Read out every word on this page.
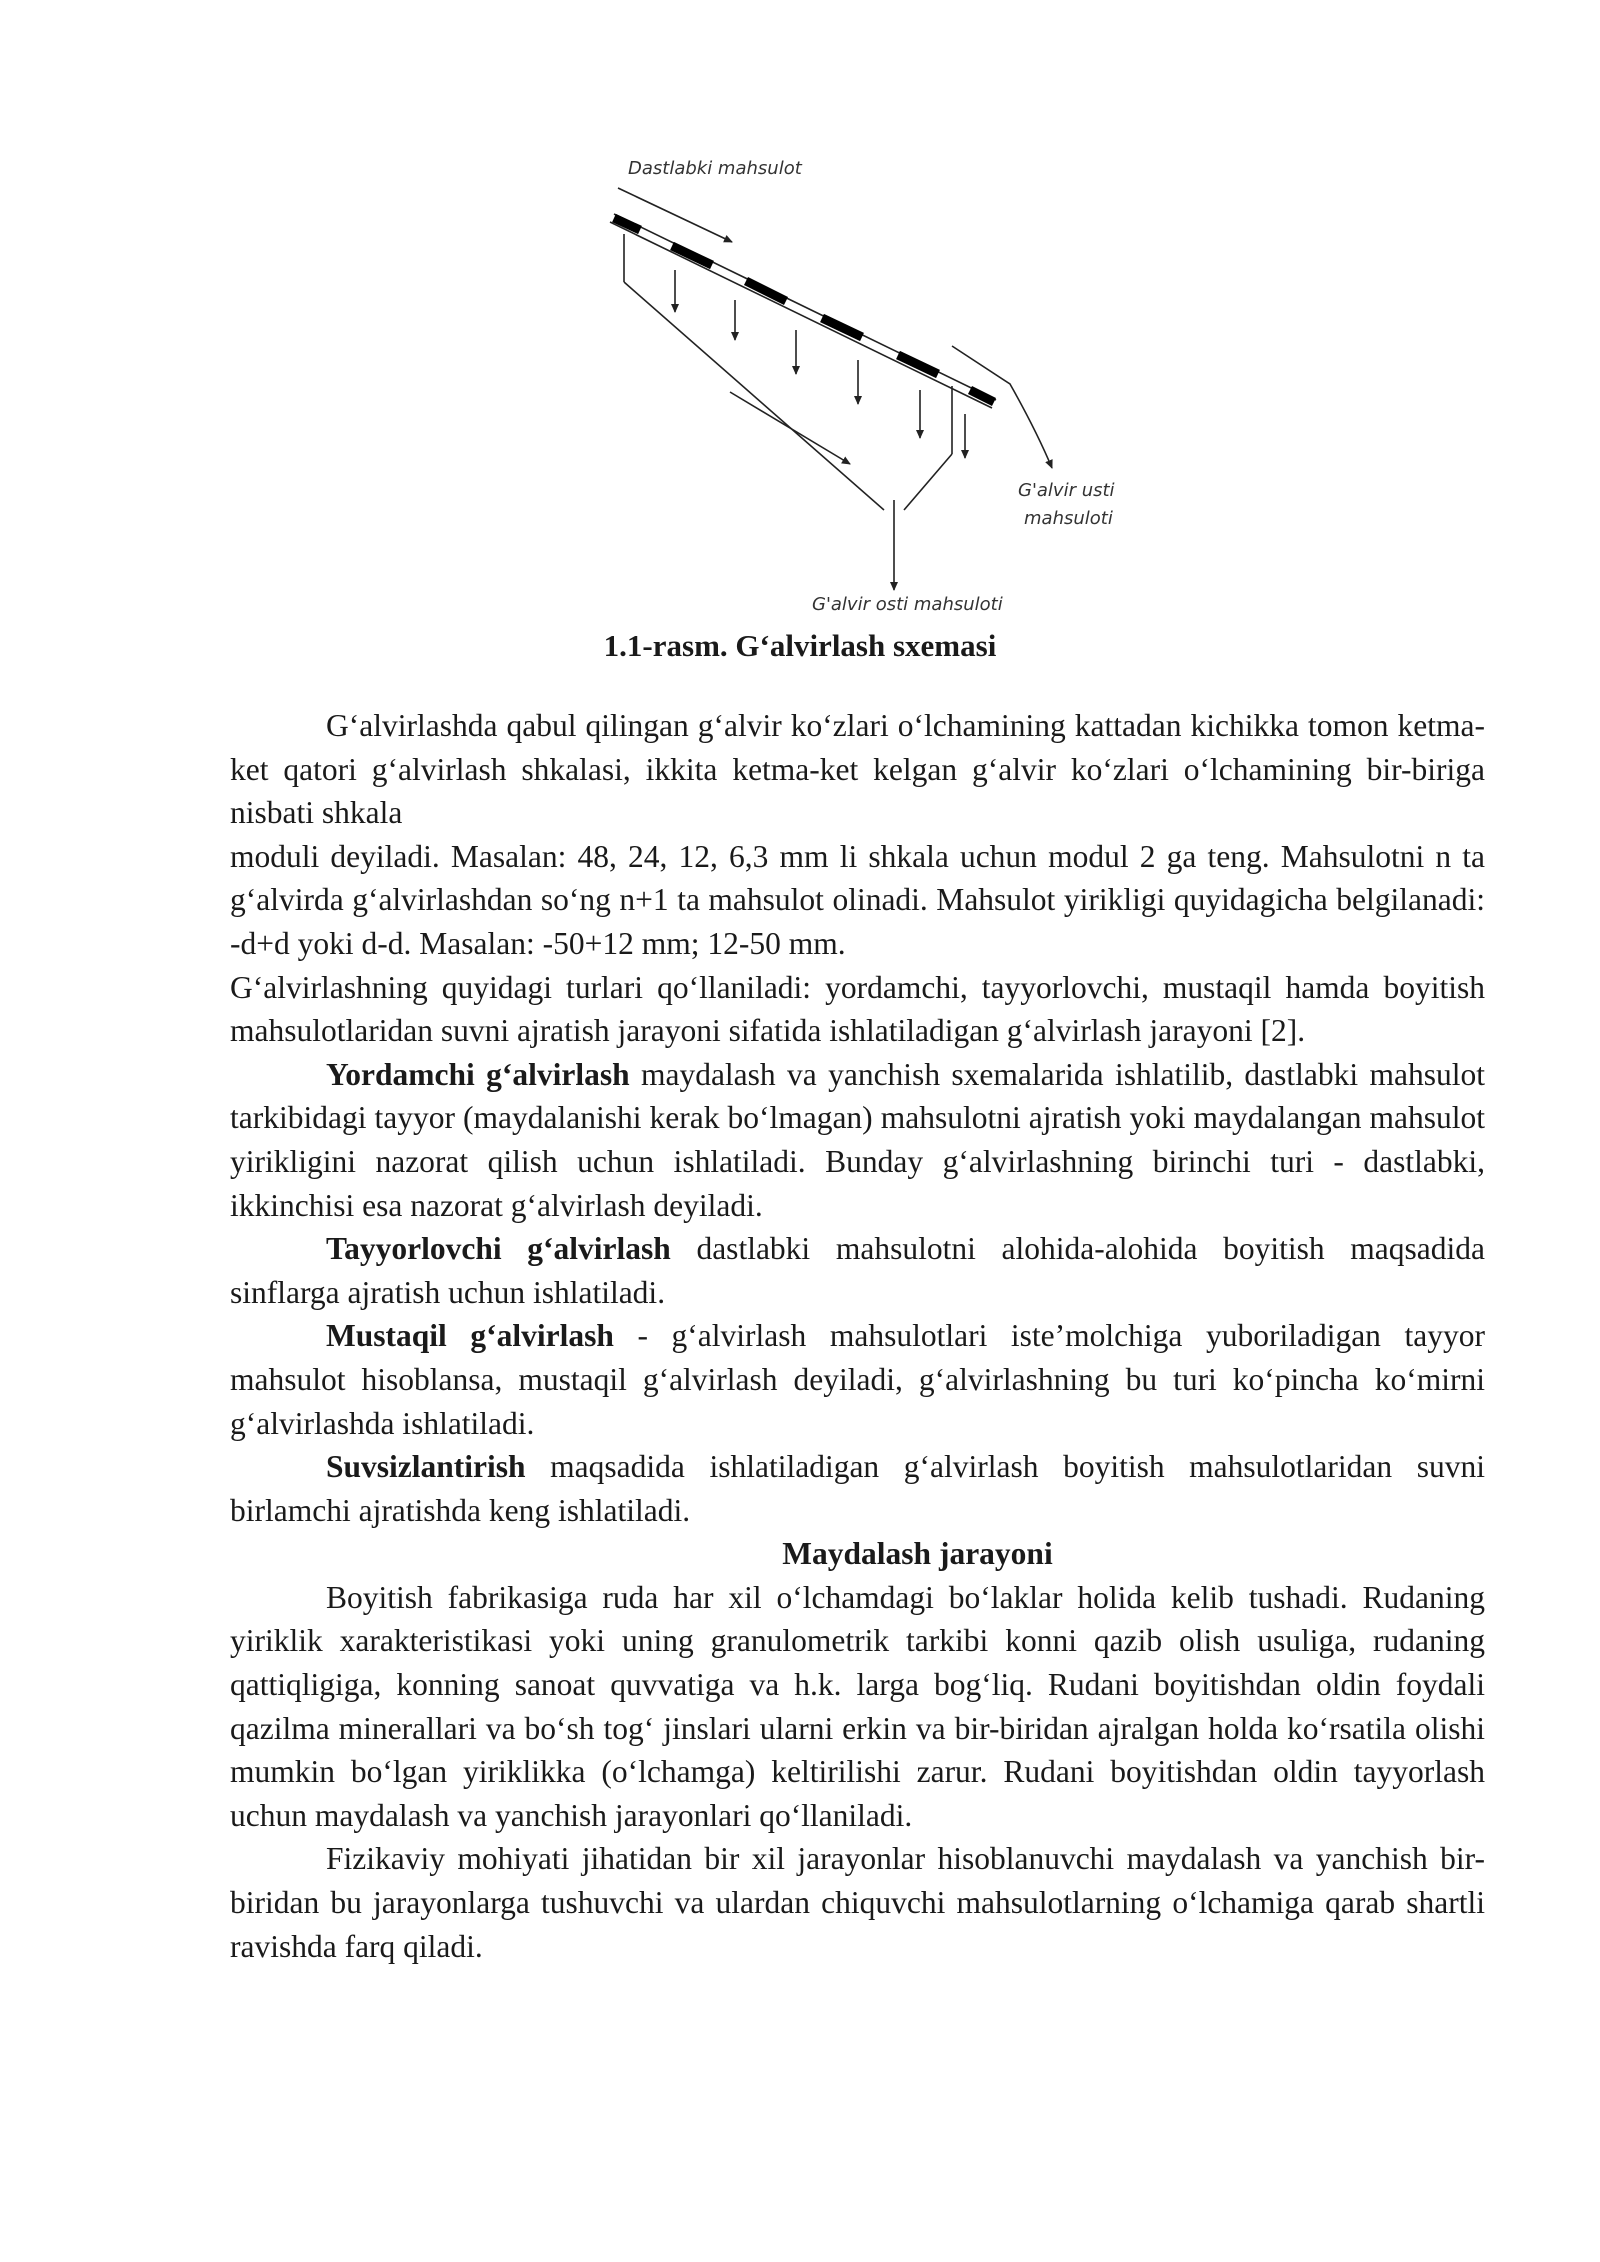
Dastlabki mahsulot
G'alvir usti
mahsuloti
G'alvir osti mahsuloti
1.1-rasm. G‘alvirlash sxemasi

G‘alvirlashda qabul qilingan g‘alvir ko‘zlari o‘lchamining kattadan kichikka tomon ketma-ket qatori g‘alvirlash shkalasi, ikkita ketma-ket kelgan g‘alvir ko‘zlari o‘lchamining bir-biriga nisbati shkala

moduli deyiladi. Masalan: 48, 24, 12, 6,3 mm li shkala uchun modul 2 ga teng. Mahsulotni n ta g‘alvirda g‘alvirlashdan so‘ng n+1 ta mahsulot olinadi. Mahsulot yirikligi quyidagicha belgilanadi: -d+d yoki d-d. Masalan: -50+12 mm; 12-50 mm.

G‘alvirlashning quyidagi turlari qo‘llaniladi: yordamchi, tayyorlovchi, mustaqil hamda boyitish mahsulotlaridan suvni ajratish jarayoni sifatida ishlatiladigan g‘alvirlash jarayoni [2].

Yordamchi g‘alvirlash maydalash va yanchish sxemalarida ishlatilib, dastlabki mahsulot tarkibidagi tayyor (maydalanishi kerak bo‘lmagan) mahsulotni ajratish yoki maydalangan mahsulot yirikligini nazorat qilish uchun ishlatiladi. Bunday g‘alvirlashning birinchi turi - dastlabki, ikkinchisi esa nazorat g‘alvirlash deyiladi.

Tayyorlovchi g‘alvirlash dastlabki mahsulotni alohida-alohida boyitish maqsadida sinflarga ajratish uchun ishlatiladi.

Mustaqil g‘alvirlash - g‘alvirlash mahsulotlari iste’molchiga yuboriladigan tayyor mahsulot hisoblansa, mustaqil g‘alvirlash deyiladi, g‘alvirlashning bu turi ko‘pincha ko‘mirni g‘alvirlashda ishlatiladi.

Suvsizlantirish maqsadida ishlatiladigan g‘alvirlash boyitish mahsulotlaridan suvni birlamchi ajratishda keng ishlatiladi.

Maydalash jarayoni

Boyitish fabrikasiga ruda har xil o‘lchamdagi bo‘laklar holida kelib tushadi. Rudaning yiriklik xarakteristikasi yoki uning granulometrik tarkibi konni qazib olish usuliga, rudaning qattiqligiga, konning sanoat quvvatiga va h.k. larga bog‘liq. Rudani boyitishdan oldin foydali qazilma minerallari va bo‘sh tog‘ jinslari ularni erkin va bir-biridan ajralgan holda ko‘rsatila olishi mumkin bo‘lgan yiriklikka (o‘lchamga) keltirilishi zarur. Rudani boyitishdan oldin tayyorlash uchun maydalash va yanchish jarayonlari qo‘llaniladi.

Fizikaviy mohiyati jihatidan bir xil jarayonlar hisoblanuvchi maydalash va yanchish bir-biridan bu jarayonlarga tushuvchi va ulardan chiquvchi mahsulotlarning o‘lchamiga qarab shartli ravishda farq qiladi.
